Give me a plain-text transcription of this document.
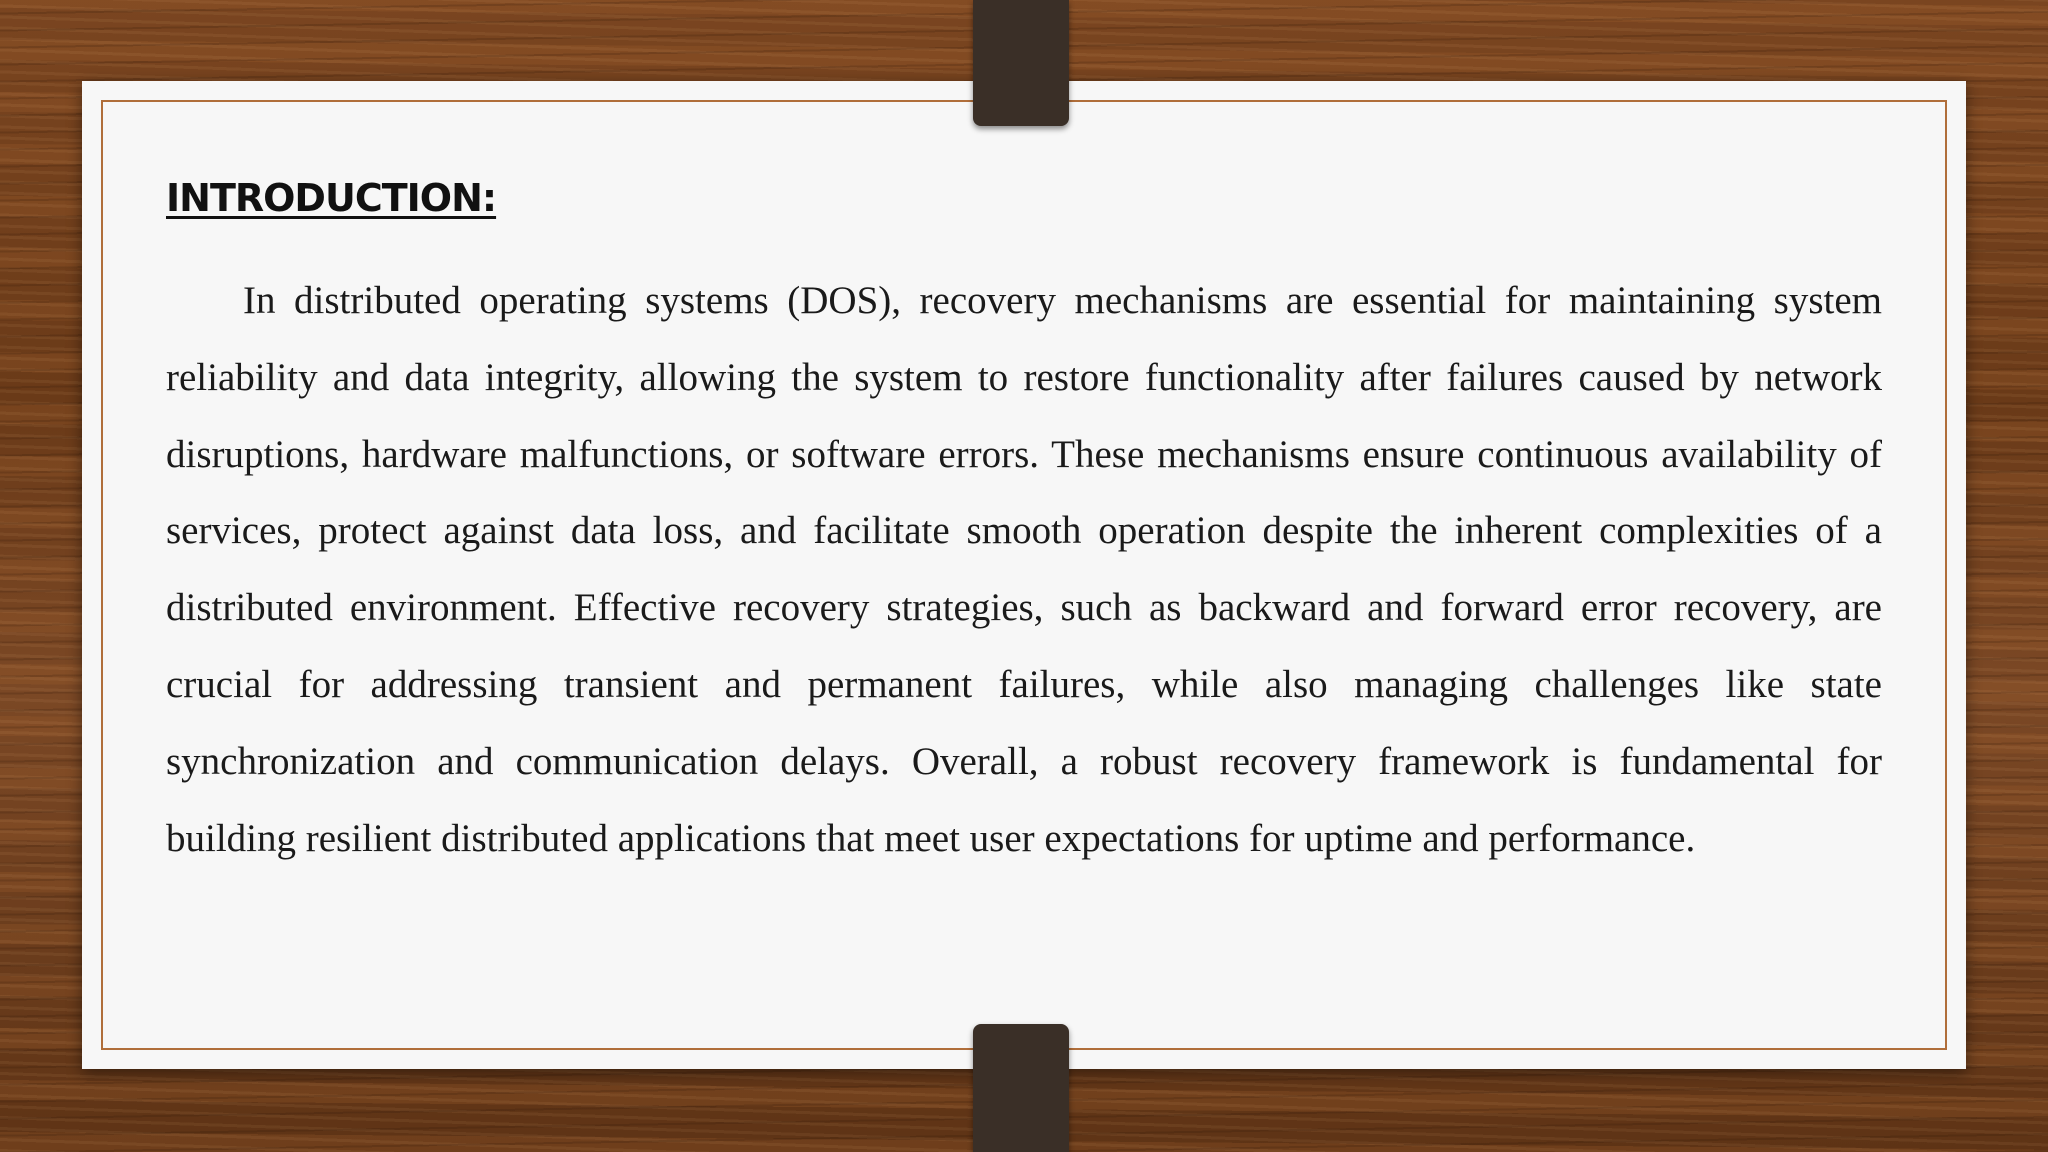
INTRODUCTION:

In distributed operating systems (DOS), recovery mechanisms are essential for maintaining system reliability and data integrity, allowing the system to restore functionality after failures caused by network disruptions, hardware malfunctions, or software errors. These mechanisms ensure continuous availability of services, protect against data loss, and facilitate smooth operation despite the inherent complexities of a distributed environment. Effective recovery strategies, such as backward and forward error recovery, are crucial for addressing transient and permanent failures, while also managing challenges like state synchronization and communication delays. Overall, a robust recovery framework is fundamental for building resilient distributed applications that meet user expectations for uptime and performance.
